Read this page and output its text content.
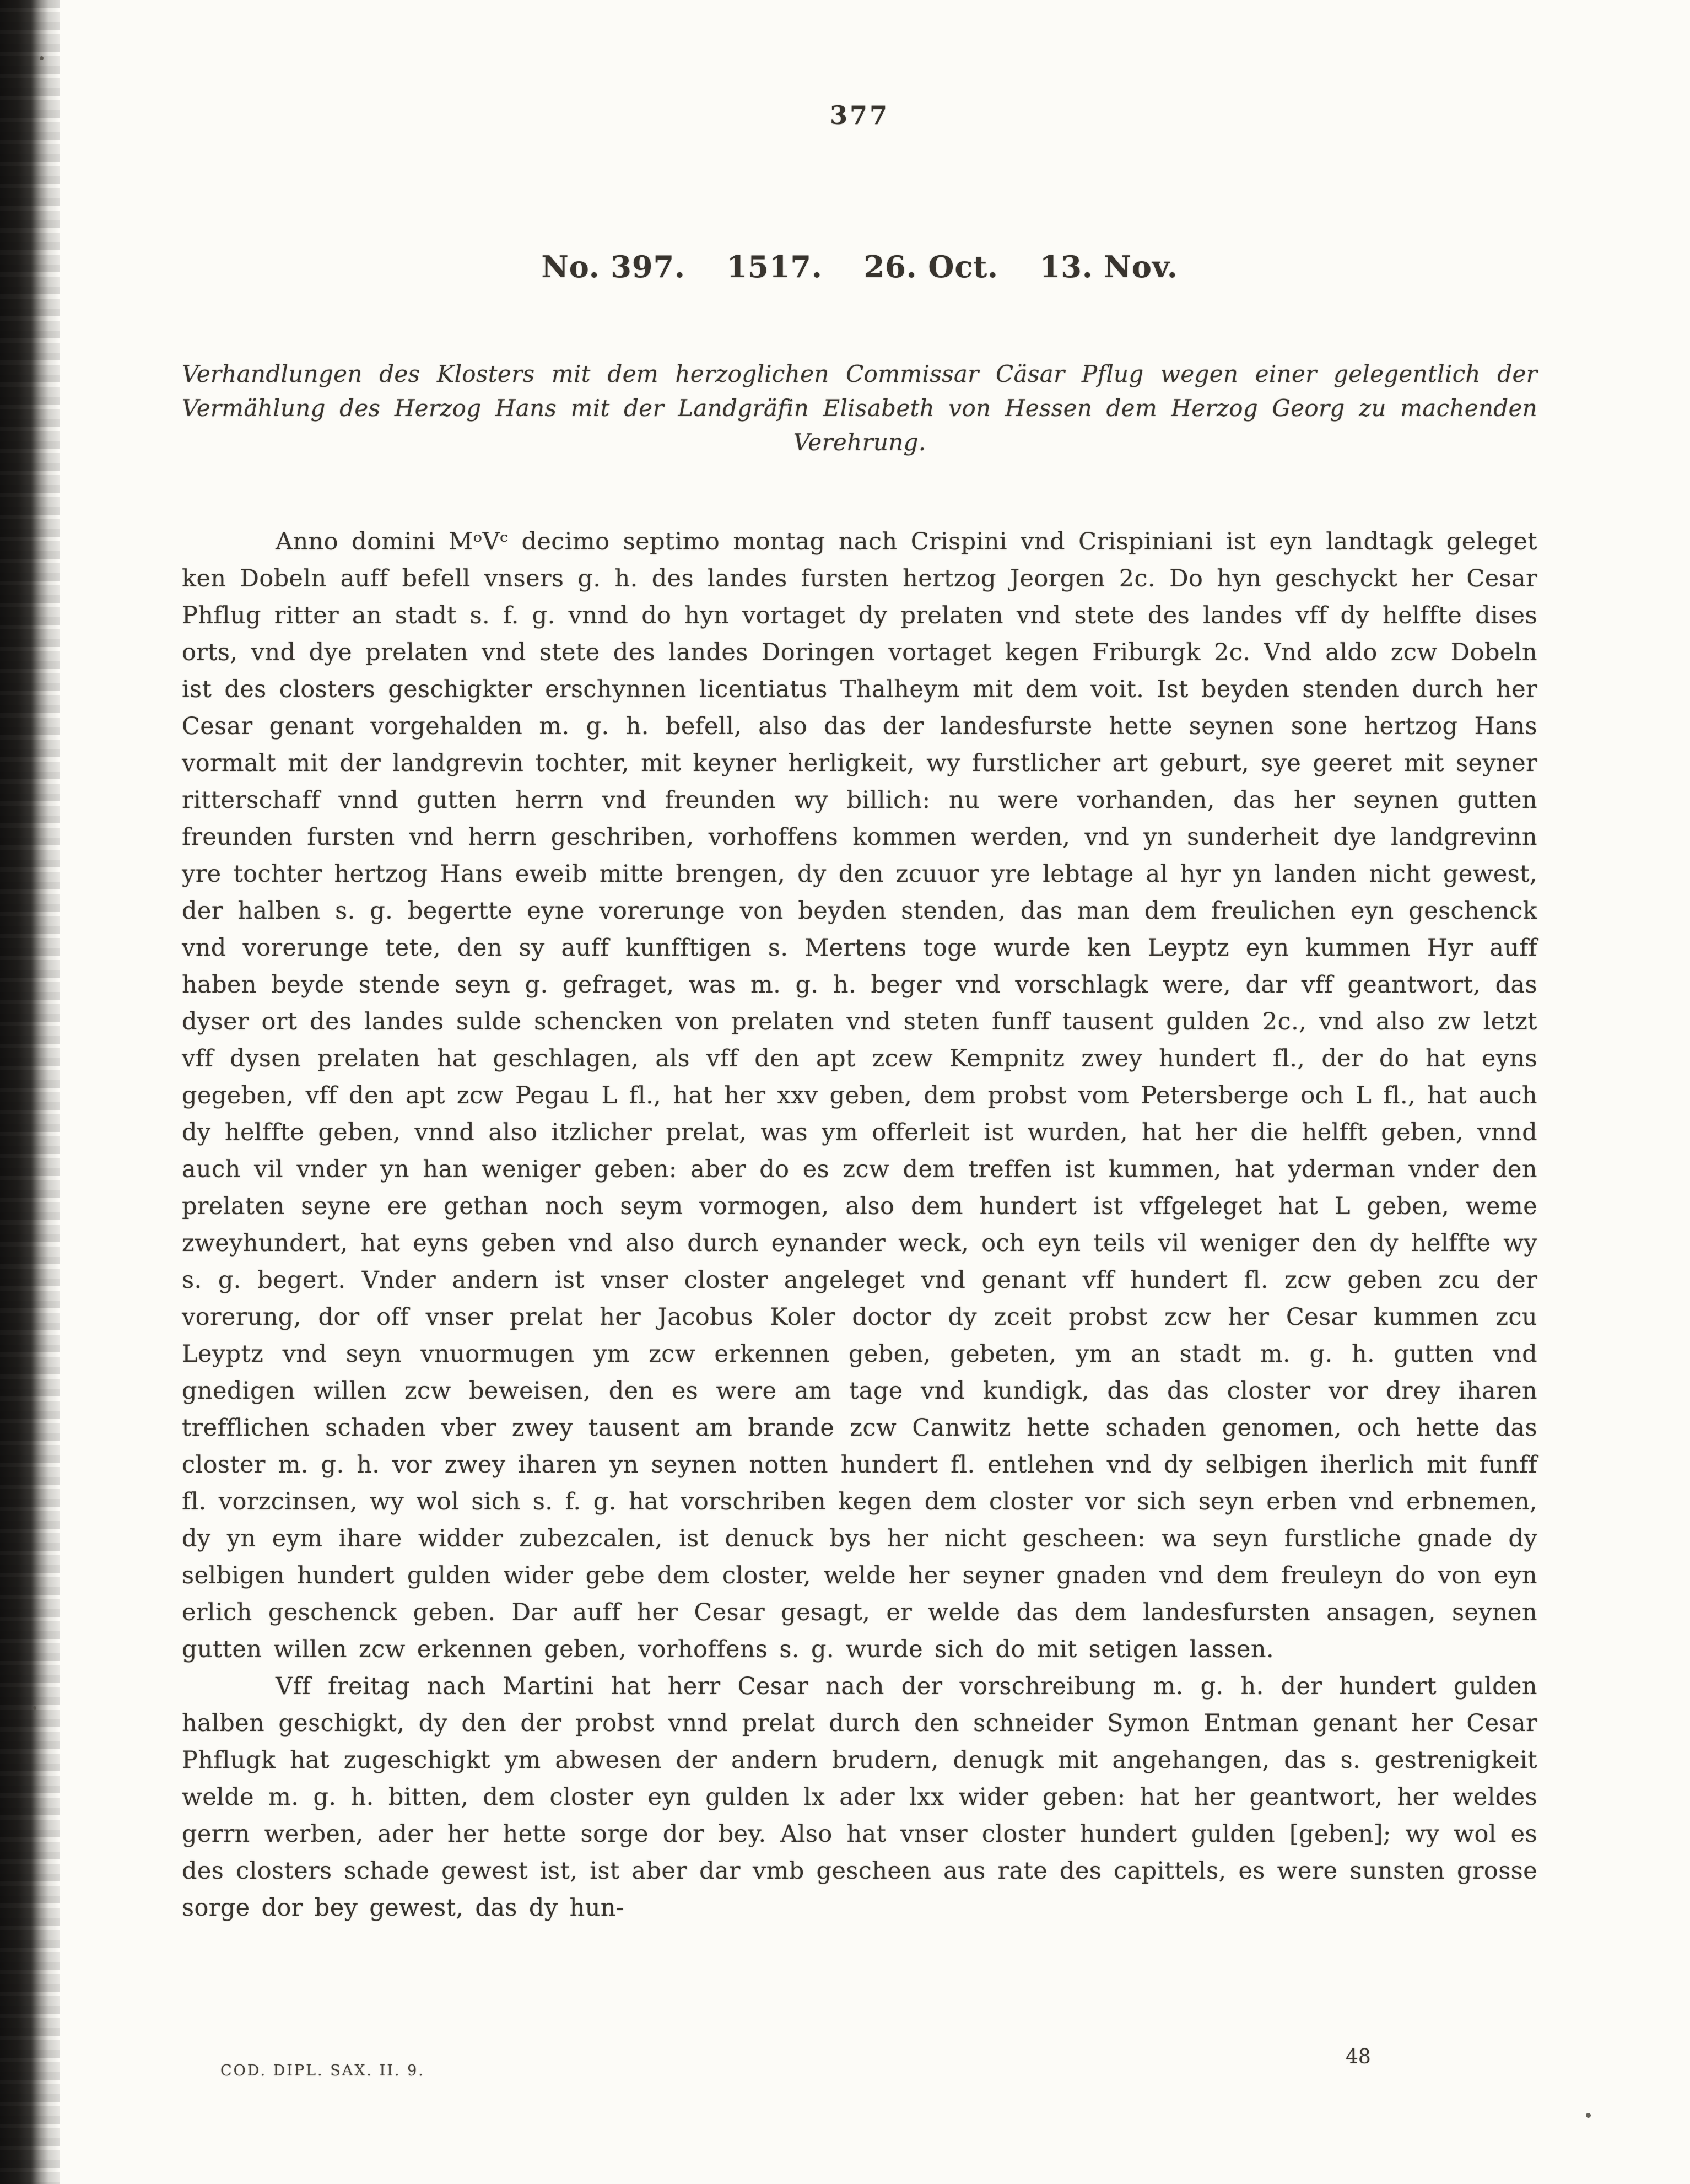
377
No. 397.  1517.  26. Oct.  13. Nov.

Verhandlungen des Klosters mit dem herzoglichen Commissar Cäsar Pflug wegen einer gelegentlich der Vermählung des Herzog Hans mit der Landgräfin Elisabeth von Hessen dem Herzog Georg zu machenden Verehrung.

Anno domini MᵒVᶜ decimo septimo montag nach Crispini vnd Crispiniani ist eyn landtagk geleget ken Dobeln auff befell vnsers g. h. des landes fursten hertzog Jeorgen 2c. Do hyn geschyckt her Cesar Phflug ritter an stadt s. f. g. vnnd do hyn vortaget dy prelaten vnd stete des landes vff dy helffte dises orts, vnd dye prelaten vnd stete des landes Doringen vortaget kegen Friburgk 2c. Vnd aldo zcw Dobeln ist des closters geschigkter erschynnen licentiatus Thalheym mit dem voit. Ist beyden stenden durch her Cesar genant vorgehalden m. g. h. befell, also das der landesfurste hette seynen sone hertzog Hans vormalt mit der landgrevin tochter, mit keyner herligkeit, wy furstlicher art geburt, sye geeret mit seyner ritterschaff vnnd gutten herrn vnd freunden wy billich: nu were vorhanden, das her seynen gutten freunden fursten vnd herrn geschriben, vorhoffens kommen werden, vnd yn sunderheit dye landgrevinn yre tochter hertzog Hans eweib mitte brengen, dy den zcuuor yre lebtage al hyr yn landen nicht gewest, der halben s. g. begertte eyne vorerunge von beyden stenden, das man dem freulichen eyn geschenck vnd vorerunge tete, den sy auff kunfftigen s. Mertens toge wurde ken Leyptz eyn kummen Hyr auff haben beyde stende seyn g. gefraget, was m. g. h. beger vnd vorschlagk were, dar vff geantwort, das dyser ort des landes sulde schencken von prelaten vnd steten funff tausent gulden 2c., vnd also zw letzt vff dysen prelaten hat geschlagen, als vff den apt zcew Kempnitz zwey hundert fl., der do hat eyns gegeben, vff den apt zcw Pegau L fl., hat her xxv geben, dem probst vom Petersberge och L fl., hat auch dy helffte geben, vnnd also itzlicher prelat, was ym offerleit ist wurden, hat her die helfft geben, vnnd auch vil vnder yn han weniger geben: aber do es zcw dem treffen ist kummen, hat yderman vnder den prelaten seyne ere gethan noch seym vormogen, also dem hundert ist vffgeleget hat L geben, weme zweyhundert, hat eyns geben vnd also durch eynander weck, och eyn teils vil weniger den dy helffte wy s. g. begert. Vnder andern ist vnser closter angeleget vnd genant vff hundert fl. zcw geben zcu der vorerung, dor off vnser prelat her Jacobus Koler doctor dy zceit probst zcw her Cesar kummen zcu Leyptz vnd seyn vnuormugen ym zcw erkennen geben, gebeten, ym an stadt m. g. h. gutten vnd gnedigen willen zcw beweisen, den es were am tage vnd kundigk, das das closter vor drey iharen trefflichen schaden vber zwey tausent am brande zcw Canwitz hette schaden genomen, och hette das closter m. g. h. vor zwey iharen yn seynen notten hundert fl. entlehen vnd dy selbigen iherlich mit funff fl. vorzcinsen, wy wol sich s. f. g. hat vorschriben kegen dem closter vor sich seyn erben vnd erbnemen, dy yn eym ihare widder zubezcalen, ist denuck bys her nicht gescheen: wa seyn furstliche gnade dy selbigen hundert gulden wider gebe dem closter, welde her seyner gnaden vnd dem freuleyn do von eyn erlich geschenck geben. Dar auff her Cesar gesagt, er welde das dem landesfursten ansagen, seynen gutten willen zcw erkennen geben, vorhoffens s. g. wurde sich do mit setigen lassen.

Vff freitag nach Martini hat herr Cesar nach der vorschreibung m. g. h. der hundert gulden halben geschigkt, dy den der probst vnnd prelat durch den schneider Symon Entman genant her Cesar Phflugk hat zugeschigkt ym abwesen der andern brudern, denugk mit angehangen, das s. gestrenigkeit welde m. g. h. bitten, dem closter eyn gulden lx ader lxx wider geben: hat her geantwort, her weldes gerrn werben, ader her hette sorge dor bey. Also hat vnser closter hundert gulden [geben]; wy wol es des closters schade gewest ist, ist aber dar vmb gescheen aus rate des capittels, es were sunsten grosse sorge dor bey gewest, das dy hun-

COD. DIPL. SAX. II. 9.
48
